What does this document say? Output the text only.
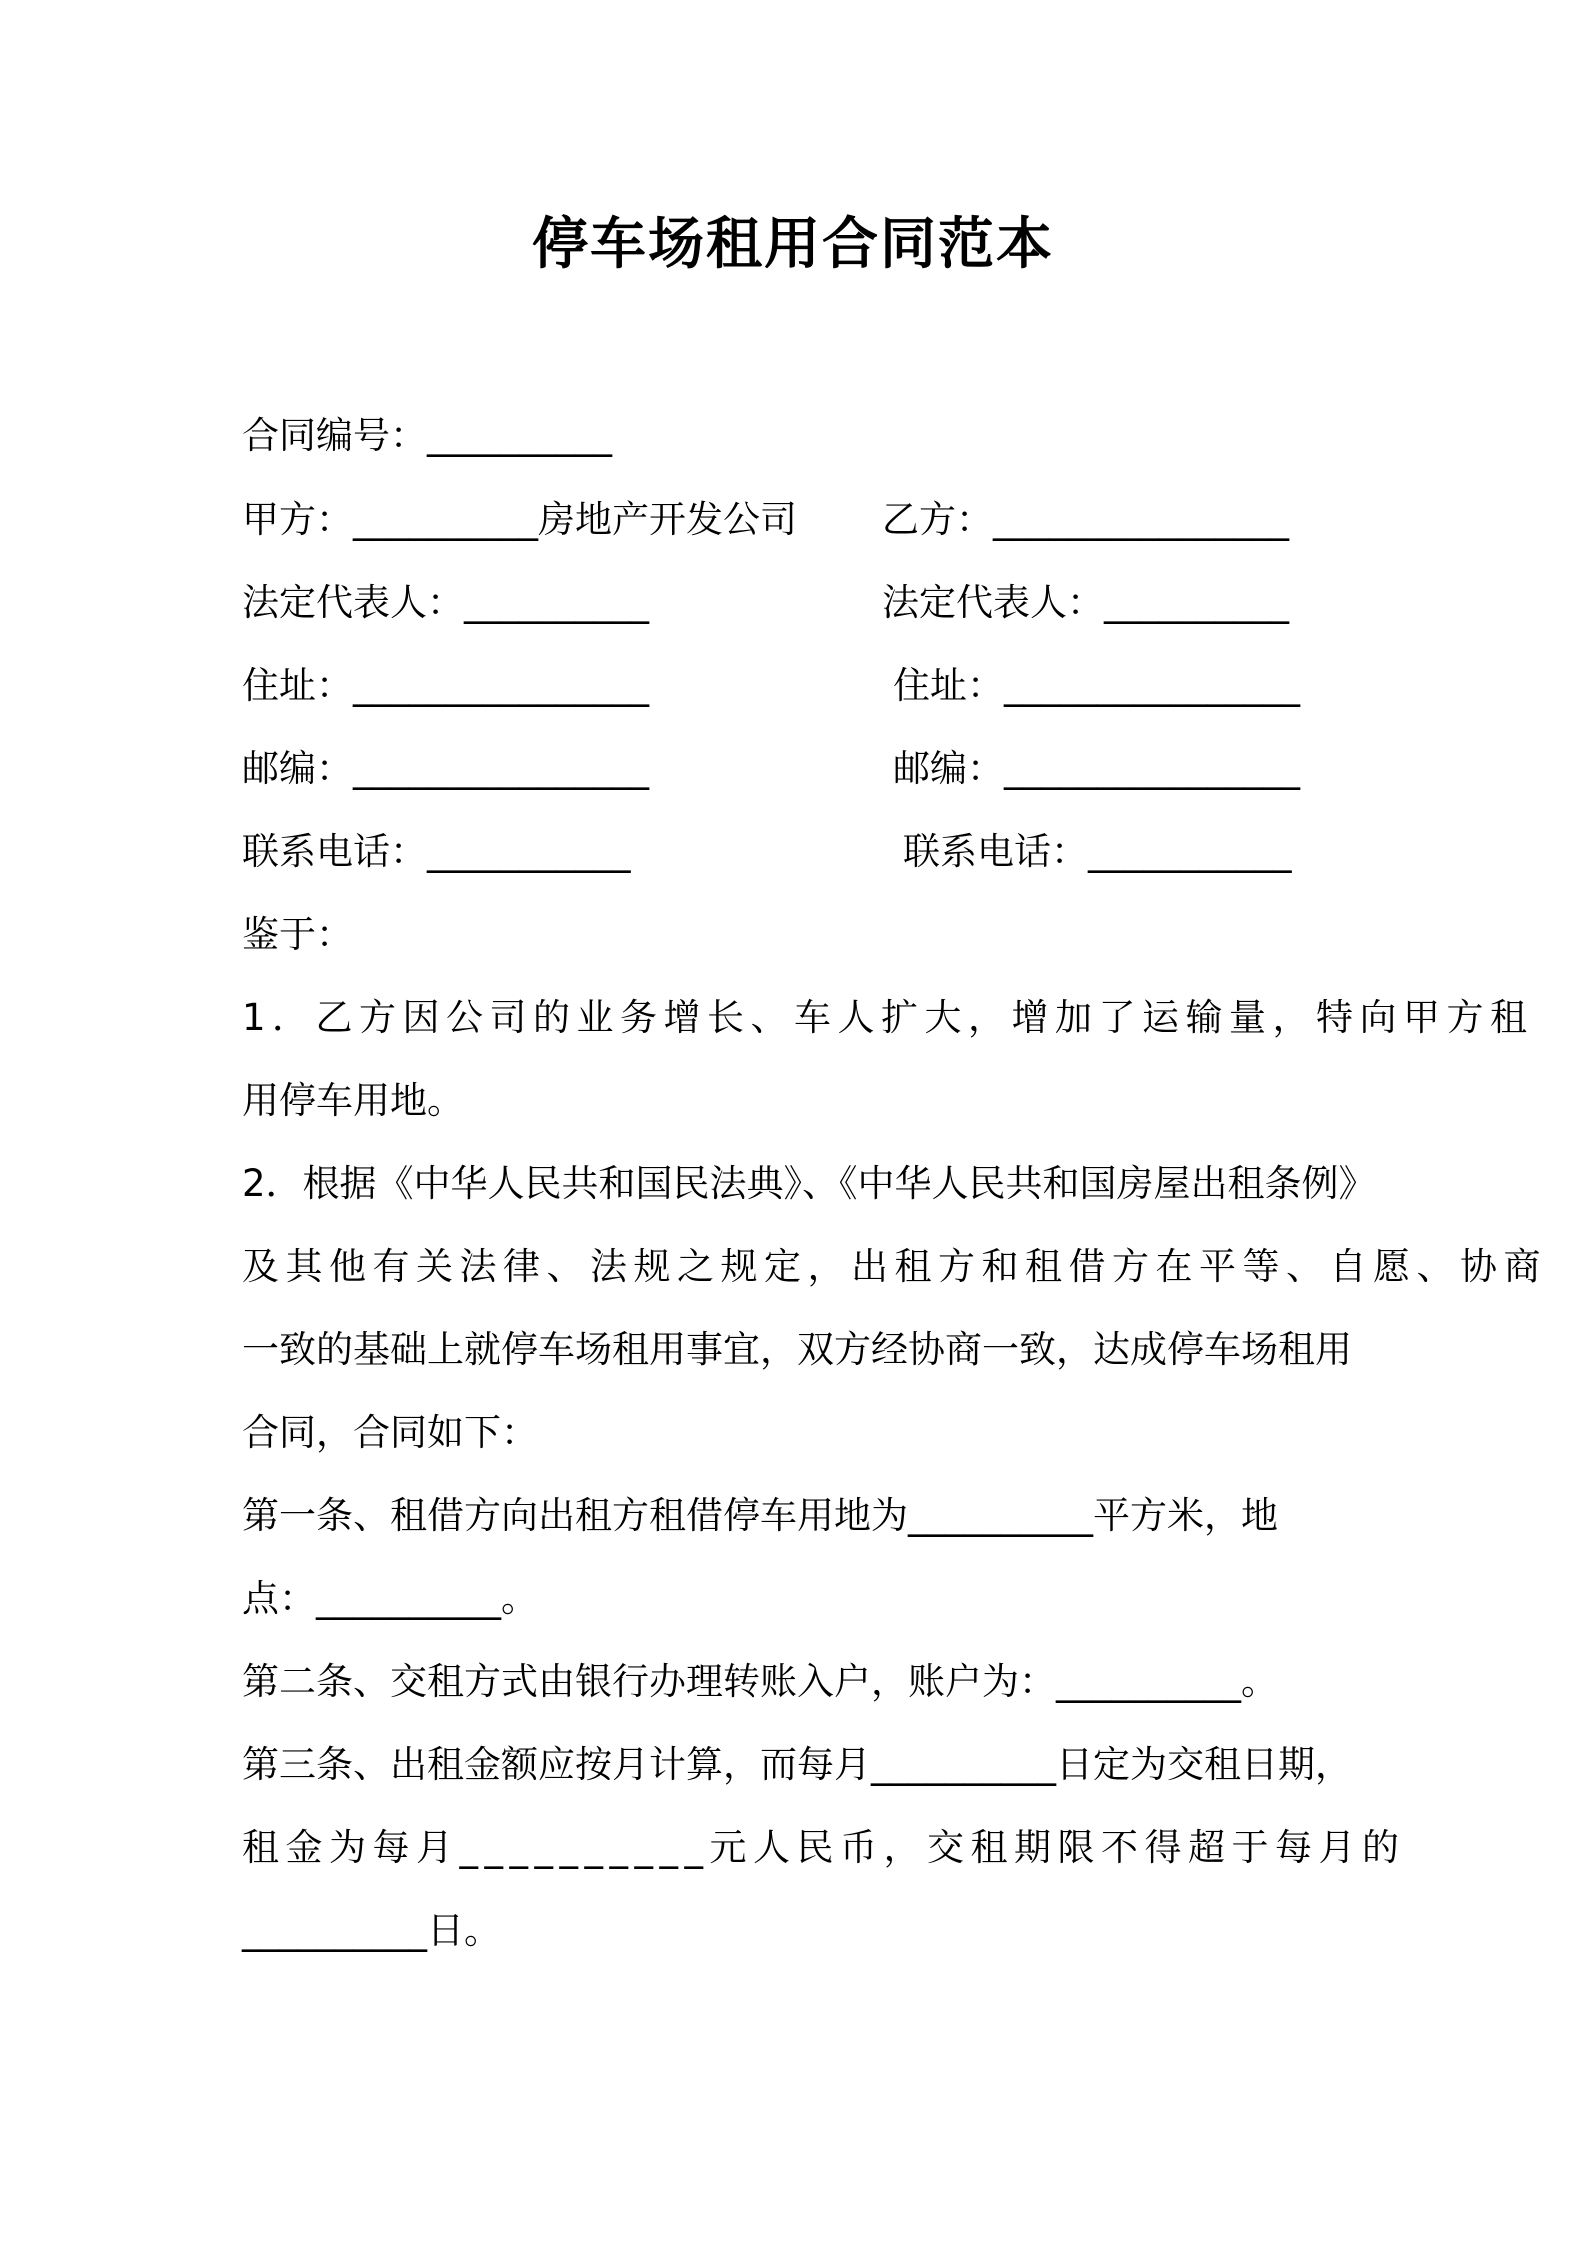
停车场租用合同范本
合同编号：__________
甲方：__________房地产开发公司 乙方：________________
法定代表人：__________	法定代表人：__________
住址：________________	住址：________________
邮编：________________	邮编：________________
联系电话：___________	联系电话：___________
鉴于：
1．乙方因公司的业务增长、车人扩大，增加了运输量，特向甲方租
用停车用地。
2．根据《中华人民共和国民法典》、《中华人民共和国房屋出租条例》
及其他有关法律、法规之规定，出租方和租借方在平等、自愿、协商
一致的基础上就停车场租用事宜，双方经协商一致，达成停车场租用
合同，合同如下：
第一条、租借方向出租方租借停车用地为__________平方米，地
点：__________。
第二条、交租方式由银行办理转账入户，账户为：__________。
第三条、出租金额应按月计算，而每月__________日定为交租日期，
租金为每月__________元人民币，交租期限不得超于每月的
__________日。
